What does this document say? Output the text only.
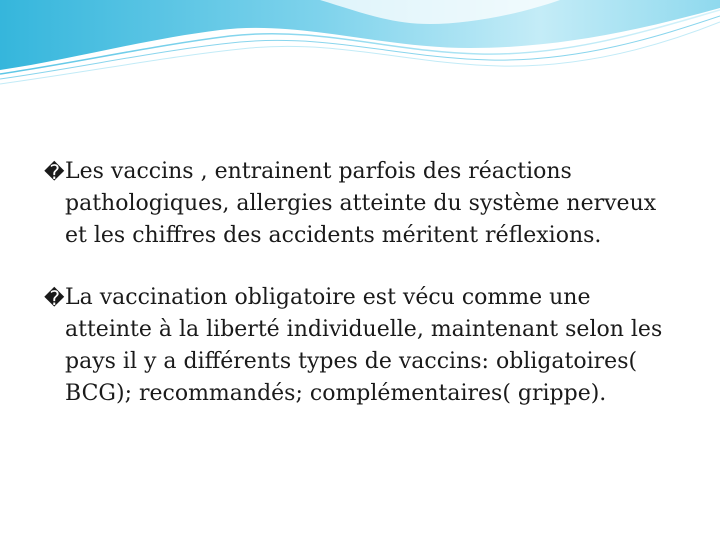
� Les vaccins , entrainent parfois des réactions pathologiques, allergies atteinte du système nerveux et les chiffres des accidents méritent réflexions.
� La vaccination obligatoire est vécu comme une atteinte à la liberté individuelle, maintenant selon les pays il y a différents types de vaccins: obligatoires( BCG); recommandés; complémentaires( grippe).
